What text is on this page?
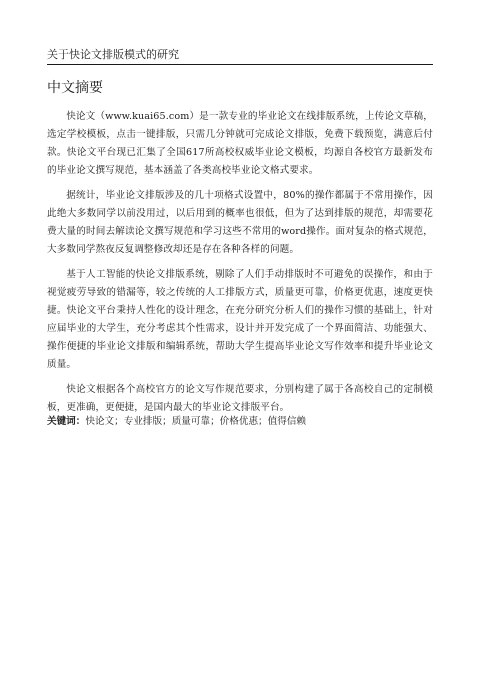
关于快论文排版模式的研究
中文摘要

快论文（www.kuai65.com）是一款专业的毕业论文在线排版系统，上传论文草稿，选定学校模板，点击一键排版，只需几分钟就可完成论文排版，免费下载预览，满意后付款。快论文平台现已汇集了全国617所高校权威毕业论文模板，均源自各校官方最新发布的毕业论文撰写规范，基本涵盖了各类高校毕业论文格式要求。

据统计，毕业论文排版涉及的几十项格式设置中，80%的操作都属于不常用操作，因此绝大多数同学以前没用过，以后用到的概率也很低，但为了达到排版的规范，却需要花费大量的时间去解读论文撰写规范和学习这些不常用的word操作。面对复杂的格式规范，大多数同学熬夜反复调整修改却还是存在各种各样的问题。

基于人工智能的快论文排版系统，剔除了人们手动排版时不可避免的误操作，和由于视觉疲劳导致的错漏等，较之传统的人工排版方式，质量更可靠，价格更优惠，速度更快捷。快论文平台秉持人性化的设计理念，在充分研究分析人们的操作习惯的基础上，针对应届毕业的大学生，充分考虑其个性需求，设计并开发完成了一个界面简洁、功能强大、操作便捷的毕业论文排版和编辑系统，帮助大学生提高毕业论文写作效率和提升毕业论文质量。

快论文根据各个高校官方的论文写作规范要求，分别构建了属于各高校自己的定制模板，更准确，更便捷，是国内最大的毕业论文排版平台。

关键词：快论文；专业排版；质量可靠；价格优惠；值得信赖
